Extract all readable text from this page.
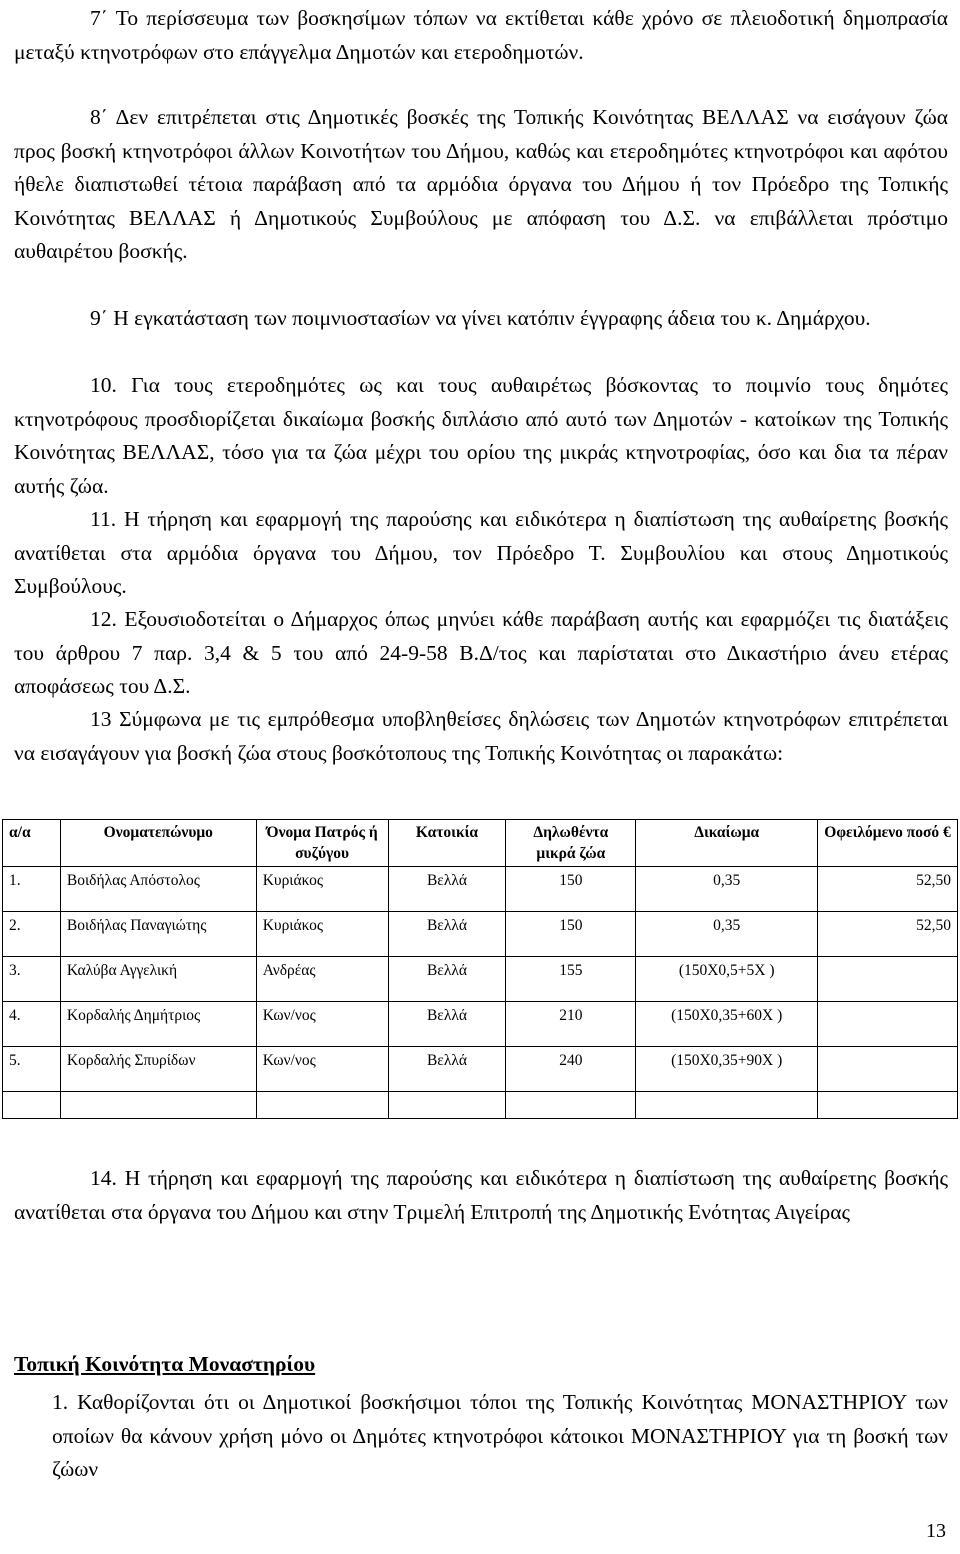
7΄ Το περίσσευμα των βοσκησίμων τόπων να εκτίθεται κάθε χρόνο σε πλειοδοτική δημοπρασία μεταξύ κτηνοτρόφων στο επάγγελμα Δημοτών και ετεροδημοτών.

8΄ Δεν επιτρέπεται στις Δημοτικές βοσκές της Τοπικής Κοινότητας ΒΕΛΛΑΣ να εισάγουν ζώα προς βοσκή κτηνοτρόφοι άλλων Κοινοτήτων του Δήμου, καθώς και ετεροδημότες κτηνοτρόφοι και αφότου ήθελε διαπιστωθεί τέτοια παράβαση από τα αρμόδια όργανα του Δήμου ή τον Πρόεδρο της Τοπικής Κοινότητας ΒΕΛΛΑΣ ή Δημοτικούς Συμβούλους με απόφαση του Δ.Σ. να επιβάλλεται πρόστιμο αυθαιρέτου βοσκής.

9΄ Η εγκατάσταση των ποιμνιοστασίων να γίνει κατόπιν έγγραφης άδεια του κ. Δημάρχου.

10. Για τους ετεροδημότες ως και τους αυθαιρέτως βόσκοντας το ποιμνίο τους δημότες κτηνοτρόφους προσδιορίζεται δικαίωμα βοσκής διπλάσιο από αυτό των Δημοτών - κατοίκων της Τοπικής Κοινότητας ΒΕΛΛΑΣ, τόσο για τα ζώα μέχρι του ορίου της μικράς κτηνοτροφίας, όσο και δια τα πέραν αυτής ζώα.

11. Η τήρηση και εφαρμογή της παρούσης και ειδικότερα η διαπίστωση της αυθαίρετης βοσκής ανατίθεται στα αρμόδια όργανα του Δήμου, τον Πρόεδρο Τ. Συμβουλίου και στους Δημοτικούς Συμβούλους.

12. Εξουσιοδοτείται ο Δήμαρχος όπως μηνύει κάθε παράβαση αυτής και εφαρμόζει τις διατάξεις του άρθρου 7 παρ. 3,4 & 5 του από 24-9-58 Β.Δ/τος και παρίσταται στο Δικαστήριο άνευ ετέρας αποφάσεως του Δ.Σ.

13 Σύμφωνα με τις εμπρόθεσμα υποβληθείσες δηλώσεις των Δημοτών κτηνοτρόφων επιτρέπεται να εισαγάγουν για βοσκή ζώα στους βοσκότοπους της Τοπικής Κοινότητας οι παρακάτω:

α/α	Ονοματεπώνυμο	Όνομα Πατρός ή συζύγου	Κατοικία	Δηλωθέντα μικρά ζώα	Δικαίωμα	Οφειλόμενο ποσό €
1.	Βοιδήλας Απόστολος	Κυριάκος	Βελλά	150	0,35	52,50
2.	Βοιδήλας Παναγιώτης	Κυριάκος	Βελλά	150	0,35	52,50
3.	Καλύβα Αγγελική	Ανδρέας	Βελλά	155	(150Χ0,5+5Χ )	
4.	Κορδαλής Δημήτριος	Κων/νος	Βελλά	210	(150Χ0,35+60Χ )	
5.	Κορδαλής Σπυρίδων	Κων/νος	Βελλά	240	(150Χ0,35+90Χ )	

14. Η τήρηση και εφαρμογή της παρούσης και ειδικότερα η διαπίστωση της αυθαίρετης βοσκής ανατίθεται στα όργανα του Δήμου και στην Τριμελή Επιτροπή της Δημοτικής Ενότητας Αιγείρας

Τοπική Κοινότητα Μοναστηρίου

1. Καθορίζονται ότι οι Δημοτικοί βοσκήσιμοι τόποι της Τοπικής Κοινότητας ΜΟΝΑΣΤΗΡΙΟΥ των οποίων θα κάνουν χρήση μόνο οι Δημότες κτηνοτρόφοι κάτοικοι ΜΟΝΑΣΤΗΡΙΟΥ για τη βοσκή των ζώων

13
